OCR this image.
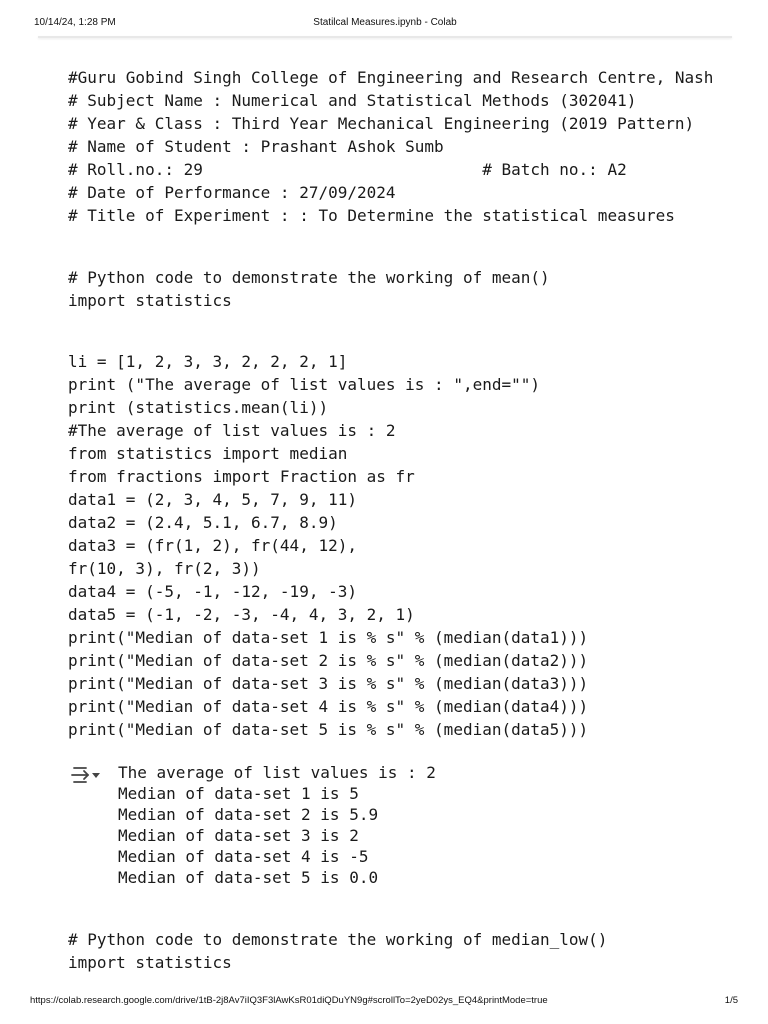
10/14/24, 1:28 PM	Statilcal Measures.ipynb - Colab
#Guru Gobind Singh College of Engineering and Research Centre, Nash
# Subject Name : Numerical and Statistical Methods (302041)
# Year & Class : Third Year Mechanical Engineering (2019 Pattern)
# Name of Student : Prashant Ashok Sumb
# Roll.no.: 29                             # Batch no.: A2
# Date of Performance : 27/09/2024
# Title of Experiment : : To Determine the statistical measures
# Python code to demonstrate the working of mean()
import statistics
li = [1, 2, 3, 3, 2, 2, 2, 1]
print ("The average of list values is : ",end="")
print (statistics.mean(li))
#The average of list values is : 2
from statistics import median
from fractions import Fraction as fr
data1 = (2, 3, 4, 5, 7, 9, 11)
data2 = (2.4, 5.1, 6.7, 8.9)
data3 = (fr(1, 2), fr(44, 12),
fr(10, 3), fr(2, 3))
data4 = (-5, -1, -12, -19, -3)
data5 = (-1, -2, -3, -4, 4, 3, 2, 1)
print("Median of data-set 1 is % s" % (median(data1)))
print("Median of data-set 2 is % s" % (median(data2)))
print("Median of data-set 3 is % s" % (median(data3)))
print("Median of data-set 4 is % s" % (median(data4)))
print("Median of data-set 5 is % s" % (median(data5)))
The average of list values is : 2
Median of data-set 1 is 5
Median of data-set 2 is 5.9
Median of data-set 3 is 2
Median of data-set 4 is -5
Median of data-set 5 is 0.0
# Python code to demonstrate the working of median_low()
import statistics
https://colab.research.google.com/drive/1tB-2j8Av7iIQ3F3lAwKsR01diQDuYN9g#scrollTo=2yeD02ys_EQ4&printMode=true	1/5
